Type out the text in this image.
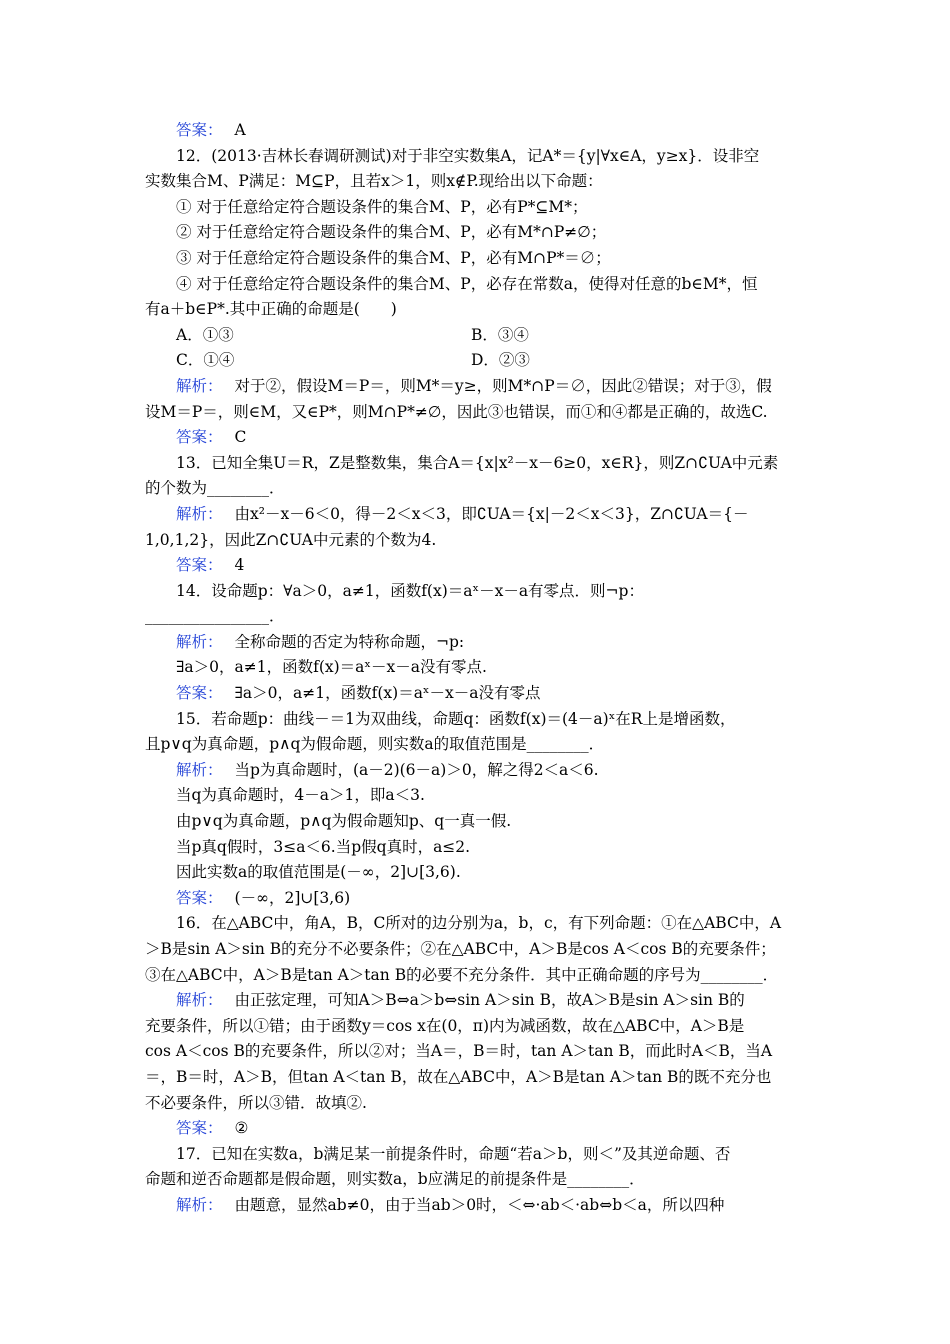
答案： A
12．(2013·吉林长春调研测试)对于非空实数集A，记A*＝{y|∀x∈A，y≥x}．设非空
实数集合M、P满足：M⊆P，且若x＞1，则x∉P.现给出以下命题：
① 对于任意给定符合题设条件的集合M、P，必有P*⊆M*；
② 对于任意给定符合题设条件的集合M、P，必有M*∩P≠∅；
③ 对于任意给定符合题设条件的集合M、P，必有M∩P*＝∅；
④ 对于任意给定符合题设条件的集合M、P，必存在常数a，使得对任意的b∈M*，恒
有a＋b∈P*.其中正确的命题是(　　)
A．①③	B．③④
C．①④	D．②③
解析： 对于②，假设M＝P＝，则M*＝y≥，则M*∩P＝∅，因此②错误；对于③，假
设M＝P＝，则∈M，又∈P*，则M∩P*≠∅，因此③也错误，而①和④都是正确的，故选C.
答案： C
13．已知全集U＝R，Z是整数集，集合A＝{x|x²－x－6≥0，x∈R}，则Z∩∁UA中元素
的个数为________．
解析： 由x²－x－6＜0，得－2＜x＜3，即∁UA＝{x|－2＜x＜3}，Z∩∁UA＝{－
1,0,1,2}，因此Z∩∁UA中元素的个数为4.
答案： 4
14．设命题p：∀a＞0，a≠1，函数f(x)＝aˣ－x－a有零点．则¬p：
________________．
解析： 全称命题的否定为特称命题，¬p:
∃a＞0，a≠1，函数f(x)＝aˣ－x－a没有零点.
答案： ∃a＞0，a≠1，函数f(x)＝aˣ－x－a没有零点
15．若命题p：曲线－＝1为双曲线，命题q：函数f(x)＝(4－a)ˣ在R上是增函数，
且p∨q为真命题，p∧q为假命题，则实数a的取值范围是________．
解析： 当p为真命题时，(a－2)(6－a)＞0，解之得2＜a＜6.
当q为真命题时，4－a＞1，即a＜3.
由p∨q为真命题，p∧q为假命题知p、q一真一假.
当p真q假时，3≤a＜6.当p假q真时，a≤2.
因此实数a的取值范围是(－∞，2]∪[3,6).
答案： (－∞，2]∪[3,6)
16．在△ABC中，角A，B，C所对的边分别为a，b，c，有下列命题：①在△ABC中，A
＞B是sin A＞sin B的充分不必要条件；②在△ABC中，A＞B是cos A＜cos B的充要条件；
③在△ABC中，A＞B是tan A＞tan B的必要不充分条件．其中正确命题的序号为________．
解析： 由正弦定理，可知A＞B⇔a＞b⇔sin A＞sin B，故A＞B是sin A＞sin B的
充要条件，所以①错；由于函数y＝cos x在(0，π)内为减函数，故在△ABC中，A＞B是
cos A＜cos B的充要条件，所以②对；当A＝，B＝时，tan A＞tan B，而此时A＜B，当A
＝，B＝时，A＞B，但tan A＜tan B，故在△ABC中，A＞B是tan A＞tan B的既不充分也
不必要条件，所以③错．故填②.
答案： ②
17．已知在实数a，b满足某一前提条件时，命题“若a＞b，则＜”及其逆命题、否
命题和逆否命题都是假命题，则实数a，b应满足的前提条件是________．
解析： 由题意，显然ab≠0，由于当ab＞0时，＜⇔·ab＜·ab⇔b＜a，所以四种
